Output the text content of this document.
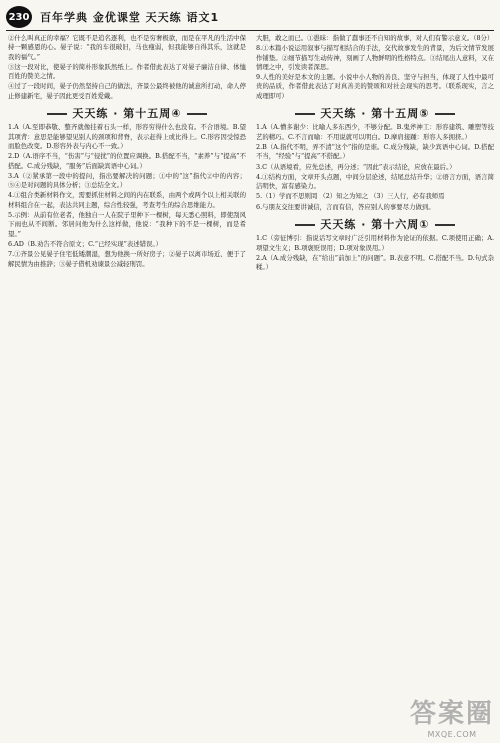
230 百年学典 金优课堂 天天练 语文1

②什么叫真正的幸福？它既不是追名逐利，也不是穷奢极欲，而是在平凡的生活中保持一颗感恩的心。晏子说：“我的车很破旧，马也瘦弱，但我能够自得其乐，这就是我的福气。”

③这一段对比，使晏子的简朴形象跃然纸上。作者借此表达了对晏子廉洁自律、体恤百姓的赞美之情。

④过了一段时间，晏子仍然坚持自己的做法，齐景公最终被他的诚意所打动，命人停止修建新宅，晏子因此更受百姓爱戴。

天天练 · 第十五周④

1.A（A.至即恭敬、整齐就像挂着石头一样，形容穷得什么也没有。不合语境。B.望其项背：意思是能够望见别人的颈项和背脊，表示赶得上或比得上。C.形容因受惊恐而脸色改变。D.形容外表与内心不一致。）

2.D（A.语序不当，“伤害”与“侵扰”的位置应调换。B.搭配不当，“素养”与“提高”不搭配。C.成分残缺，“服务”后面缺宾语中心词。）

3.A（②紧承第一段中的提问，指出要解决的问题；①中的“这”指代②中的内容；⑤④是对问题的具体分析；③总结全文。）

4.①组合类新材料作文，需要抓住材料之间的内在联系，由两个或两个以上相关联的材料组合在一起，表达共同主题，综合性较强，考查考生的综合思维能力。

5.示例：从前有位老者，他独自一人在院子里种下一棵树，每天悉心照料，即使刮风下雨也从不间断。邻居问他为什么这样做，他说：“我种下的不是一棵树，而是希望。”

6.AD（B.劝告不符合原文；C.“已经实现”表述错误。）

7.①齐景公见晏子住宅低矮潮湿，想为他换一所好房子；②晏子以离市场近、便于了解民情为由推辞；③晏子借机劝谏景公减轻刑罚。

大胆，敢之而已。①愚昧：指做了蠢事还不自知的故事，对人们有警示意义。（8分）

8.①本篇小说运用叙事与描写相结合的手法，交代故事发生的背景，为后文情节发展作铺垫。②细节描写生动传神，刻画了人物鲜明的性格特点。③结尾出人意料，又在情理之中，引发读者深思。

9.人性的美好是本文的主题。小说中小人物的善良、坚守与担当，体现了人性中最可贵的品质，作者借此表达了对真善美的赞颂和对社会现实的思考。（联系现实，言之成理即可）

天天练 · 第十五周⑤

1.A（A.懵多谢少：比喻人多东西少，不够分配。B.鬼斧神工：形容建筑、雕塑等技艺的精巧。C.不言而喻：不用说就可以明白。D.摩肩接踵：形容人多拥挤。）

2.B（A.指代不明，弄不清“这个”指的是谁。C.成分残缺，缺少宾语中心词。D.搭配不当，“经验”与“提高”不搭配。）

3.C（从语境看，应先总述，再分述；“因此”表示结论，应放在最后。）

4.①结构方面，文章开头点题，中间分层论述，结尾总结升华；②语言方面，语言简洁明快，富有感染力。

5.（1）学而不思则罔 （2）知之为知之 （3）三人行，必有我师焉

6.与朋友交往要讲诚信，言而有信，答应别人的事要尽力做到。

天天练 · 第十六周①

1.C（旁征博引：指说话写文章时广泛引用材料作为论证的依据。C.项使用正确；A.项望文生义；B.项褒贬误用；D.项对象误用。）

2.A（A.成分残缺，在“给出”前加上“的问题”。B.表意不明。C.搭配不当。D.句式杂糅。）

答案圈
MXQE.COM
